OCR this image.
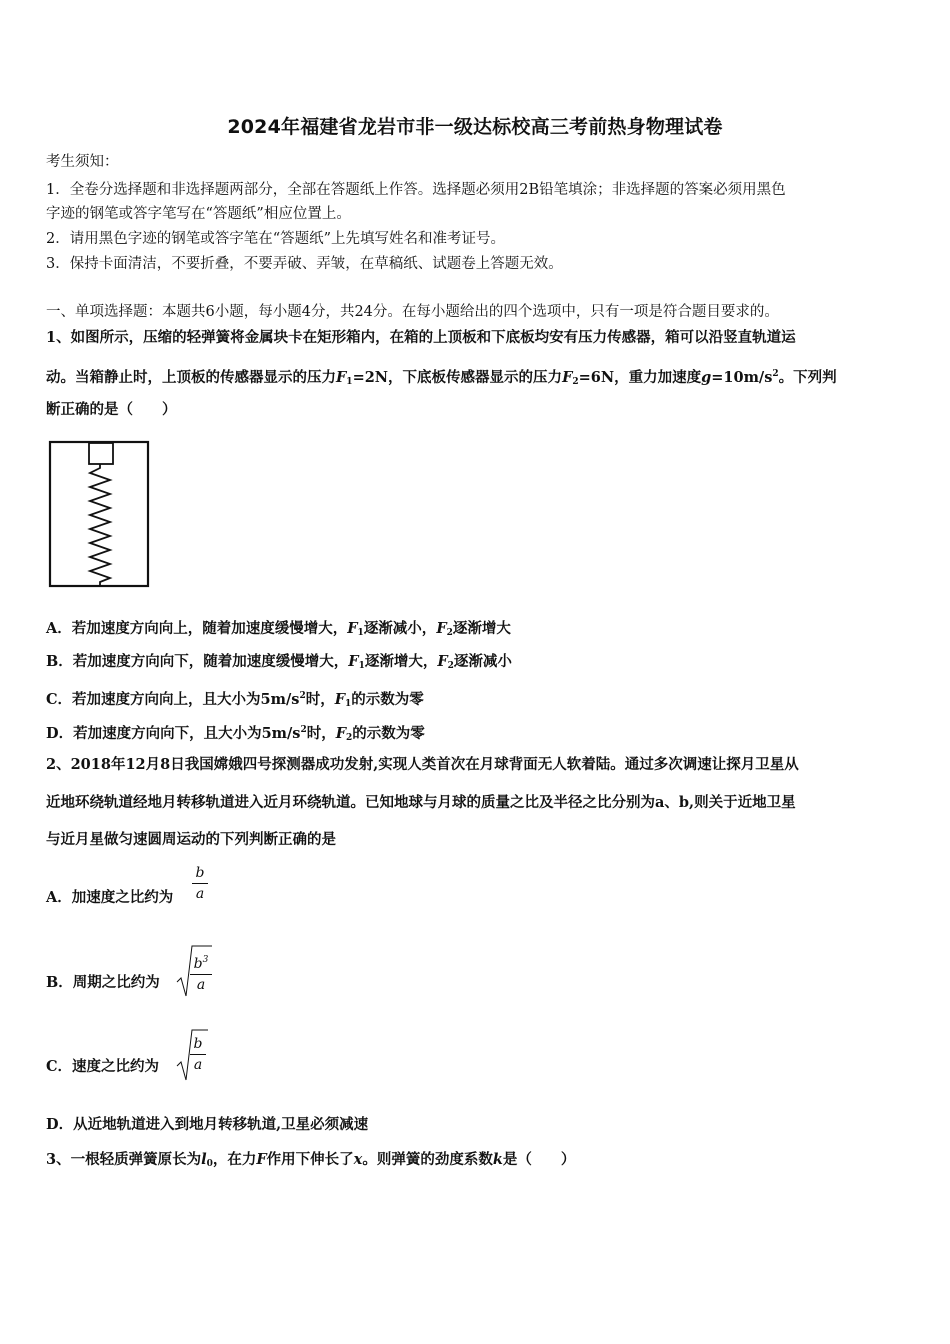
2024年福建省龙岩市非一级达标校高三考前热身物理试卷
考生须知：
1．全卷分选择题和非选择题两部分，全部在答题纸上作答。选择题必须用2B铅笔填涂；非选择题的答案必须用黑色
字迹的钢笔或答字笔写在“答题纸”相应位置上。
2．请用黑色字迹的钢笔或答字笔在“答题纸”上先填写姓名和准考证号。
3．保持卡面清洁，不要折叠，不要弄破、弄皱，在草稿纸、试题卷上答题无效。
一、单项选择题：本题共6小题，每小题4分，共24分。在每小题给出的四个选项中，只有一项是符合题目要求的。
1、如图所示，压缩的轻弹簧将金属块卡在矩形箱内，在箱的上顶板和下底板均安有压力传感器，箱可以沿竖直轨道运
动。当箱静止时，上顶板的传感器显示的压力$F_1=2N$，下底板传感器显示的压力$F_2=6N$，重力加速度$g=10m/s^2$。下列判
断正确的是（　　）
A．若加速度方向向上，随着加速度缓慢增大，$F_1$逐渐减小，$F_2$逐渐增大
B．若加速度方向向下，随着加速度缓慢增大，$F_1$逐渐增大，$F_2$逐渐减小
C．若加速度方向向上，且大小为$5m/s^2$时，$F_1$的示数为零
D．若加速度方向向下，且大小为$5m/s^2$时，$F_2$的示数为零
2、2018年12月8日我国嫦娥四号探测器成功发射,实现人类首次在月球背面无人软着陆。通过多次调速让探月卫星从
近地环绕轨道经地月转移轨道进入近月环绕轨道。已知地球与月球的质量之比及半径之比分别为a、b,则关于近地卫星
与近月星做匀速圆周运动的下列判断正确的是
A．加速度之比约为 $\frac{b}{a}$
B．周期之比约为 $\frac{b^3}{a}$
C．速度之比约为 $\frac{b}{a}$
D．从近地轨道进入到地月转移轨道,卫星必须减速
3、一根轻质弹簧原长为$l_0$，在力F作用下伸长了x。则弹簧的劲度系数k是（　　）
